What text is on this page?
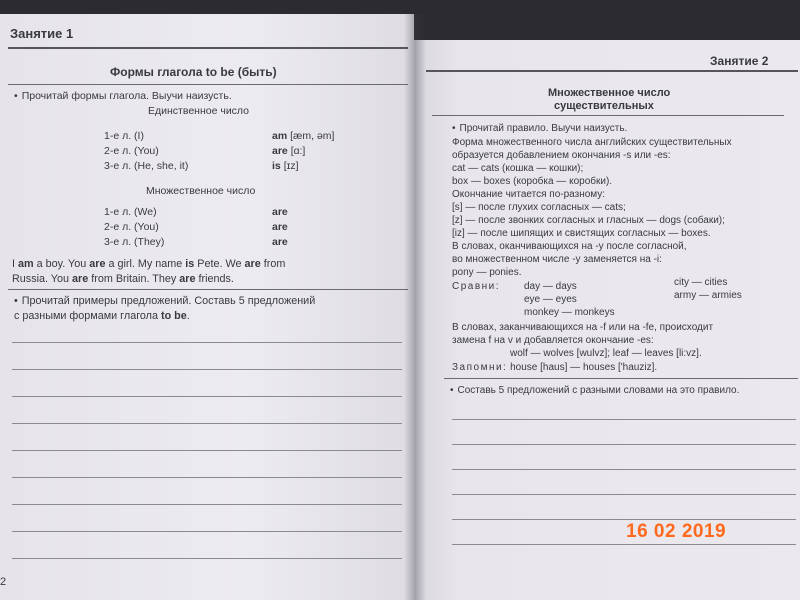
Занятие 1
Формы глагола to be (быть)
• Прочитай формы глагола. Выучи наизусть.
Единственное число
1-е л. (I)	am [æm, əm]
2-е л. (You)	are [ɑ:]
3-е л. (He, she, it)	is [ɪz]
Множественное число
1-е л. (We)	are
2-е л. (You)	are
3-е л. (They)	are
I am a boy. You are a girl. My name is Pete. We are from
Russia. You are from Britain. They are friends.
• Прочитай примеры предложений. Составь 5 предложений
с разными формами глагола to be.
2
Занятие 2
Множественное число
существительных
• Прочитай правило. Выучи наизусть.
Форма множественного числа английских существительных
образуется добавлением окончания -s или -es:
cat — cats (кошка — кошки);
box — boxes (коробка — коробки).
Окончание читается по-разному:
[s] — после глухих согласных — cats;
[z] — после звонких согласных и гласных — dogs (собаки);
[iz] — после шипящих и свистящих согласных — boxes.
В словах, оканчивающихся на -y после согласной,
во множественном числе -y заменяется на -i:
pony — ponies.
Сравни: day — days	city — cities
eye — eyes	army — armies
monkey — monkeys
В словах, заканчивающихся на -f или на -fe, происходит
замена f на v и добавляется окончание -es:
wolf — wolves [wulvz]; leaf — leaves [li:vz].
Запомни: house [haus] — houses ['hauziz].
• Составь 5 предложений с разными словами на это правило.
16 02 2019
